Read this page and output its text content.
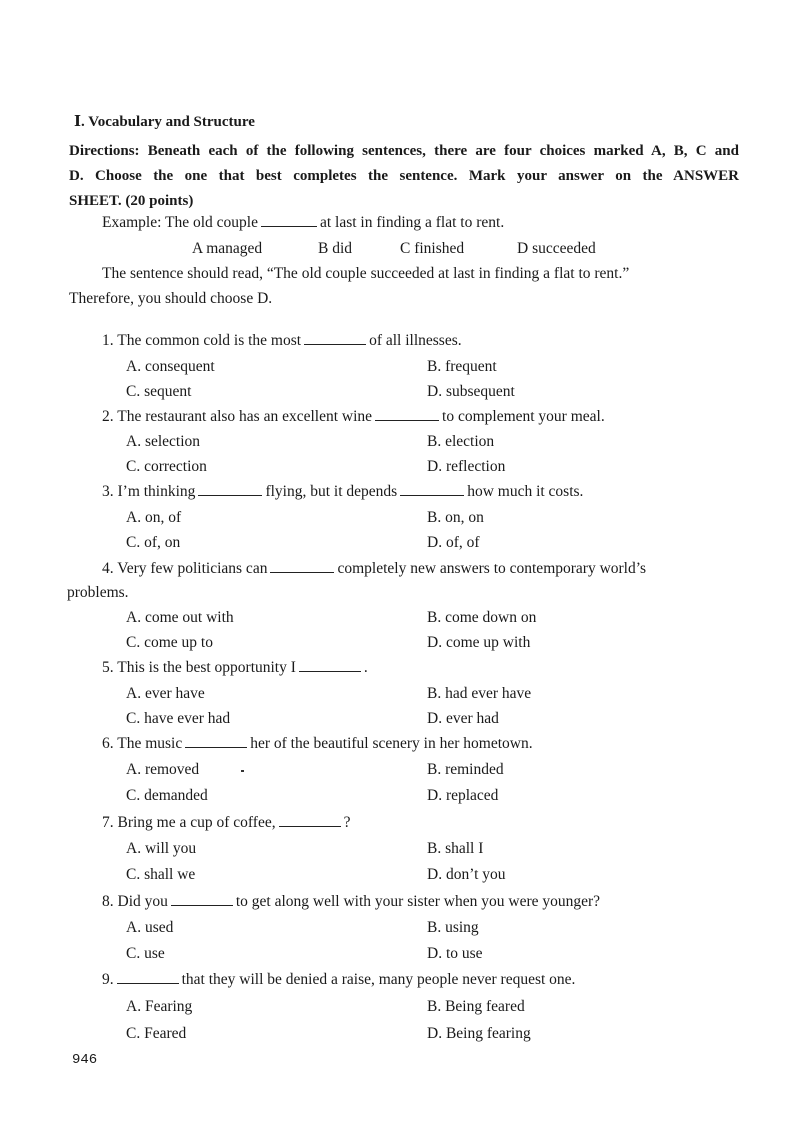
Ⅰ. Vocabulary and Structure
Directions: Beneath each of the following sentences, there are four choices marked A, B, C and
D. Choose the one that best completes the sentence. Mark your answer on the ANSWER
SHEET. (20 points)
Example: The old couple	at last in finding a flat to rent.
A managed	B did	C finished	D succeeded
The sentence should read, “The old couple succeeded at last in finding a flat to rent.”
Therefore, you should choose D.
1. The common cold is the most	of all illnesses.
A. consequent	B. frequent
C. sequent	D. subsequent
2. The restaurant also has an excellent wine	to complement your meal.
A. selection	B. election
C. correction	D. reflection
3. I’m thinking	flying, but it depends	how much it costs.
A. on, of	B. on, on
C. of, on	D. of, of
4. Very few politicians can	completely new answers to contemporary world’s
problems.
A. come out with	B. come down on
C. come up to	D. come up with
5. This is the best opportunity I	.
A. ever have	B. had ever have
C. have ever had	D. ever had
6. The music	her of the beautiful scenery in her hometown.
A. removed	B. reminded
C. demanded	D. replaced
7. Bring me a cup of coffee,	?
A. will you	B. shall I
C. shall we	D. don’t you
8. Did you	to get along well with your sister when you were younger?
A. used	B. using
C. use	D. to use
9.	that they will be denied a raise, many people never request one.
A. Fearing	B. Being feared
C. Feared	D. Being fearing
946
